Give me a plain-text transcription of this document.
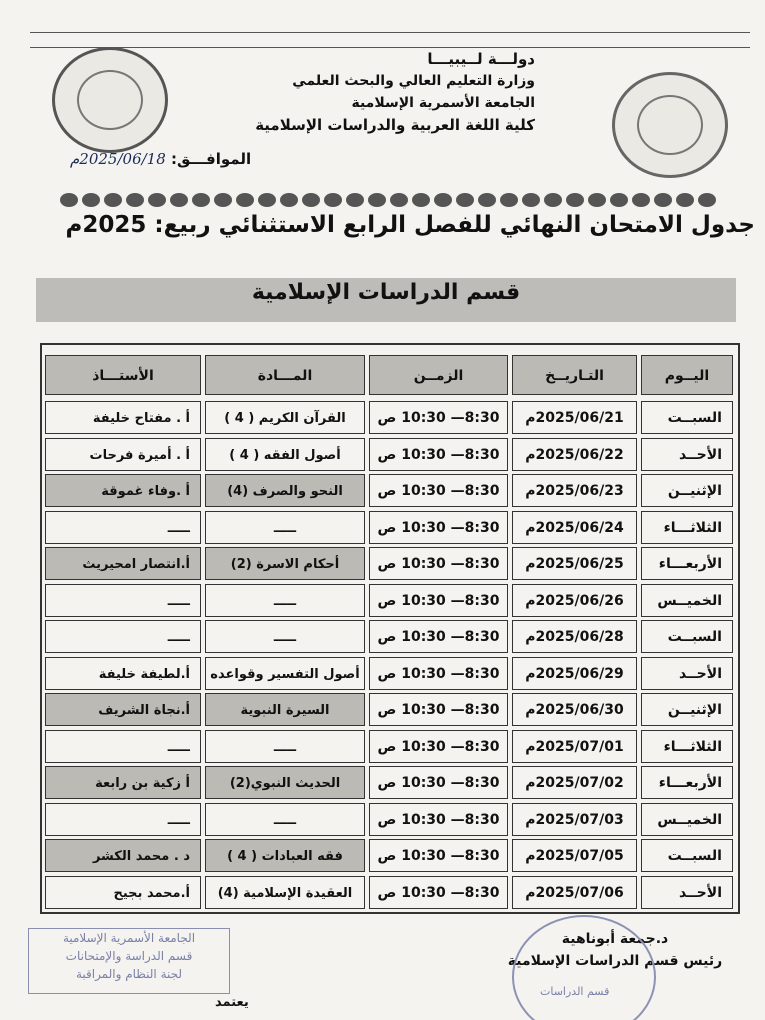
دولـــة لــيبيـــا
وزارة التعليم العالي والبحث العلمي
الجامعة الأسمرية الإسلامية
كلية اللغة العربية والدراسات الإسلامية
الموافـــق: 2025/06/18م
جدول الامتحان النهائي للفصل الرابع الاستثنائي ربيع: 2025م
قسم الدراسات الإسلامية
اليــوم
التـاريــخ
الزمــن
المـــادة
الأستـــاذ
السبــت
2025/06/21م
8:30— 10:30 ص
القرآن الكريم ( 4 )
أ . مفتاح خليفة
الأحــد
2025/06/22م
8:30— 10:30 ص
أصول الفقه ( 4 )
أ . أميرة فرحات
الإثنيــن
2025/06/23م
8:30— 10:30 ص
النحو والصرف (4)
أ .وفاء غموقة
الثلاثـــاء
2025/06/24م
8:30— 10:30 ص
ـــــ
ـــــ
الأربعـــاء
2025/06/25م
8:30— 10:30 ص
أحكام الاسرة (2)
أ.انتصار امحيريث
الخميــس
2025/06/26م
8:30— 10:30 ص
ـــــ
ـــــ
السبــت
2025/06/28م
8:30— 10:30 ص
ـــــ
ـــــ
الأحــد
2025/06/29م
8:30— 10:30 ص
أصول التفسير وقواعده
أ.لطيفة خليفة
الإثنيــن
2025/06/30م
8:30— 10:30 ص
السيرة النبوية
أ.نجاة الشريف
الثلاثـــاء
2025/07/01م
8:30— 10:30 ص
ـــــ
ـــــ
الأربعـــاء
2025/07/02م
8:30— 10:30 ص
الحديث النبوي(2)
أ زكية بن رابعة
الخميــس
2025/07/03م
8:30— 10:30 ص
ـــــ
ـــــ
السبــت
2025/07/05م
8:30— 10:30 ص
فقه العبادات ( 4 )
د . محمد الكشر
الأحــد
2025/07/06م
8:30— 10:30 ص
العقيدة الإسلامية (4)
أ.محمد بجيح
د.جمعة أبوناهية
رئيس قسم الدراسات الإسلامية
قسم الدراسات
الجامعة الأسمرية الإسلامية
قسم الدراسة والإمتحانات
لجنة النظام والمراقبة
يعتمد
